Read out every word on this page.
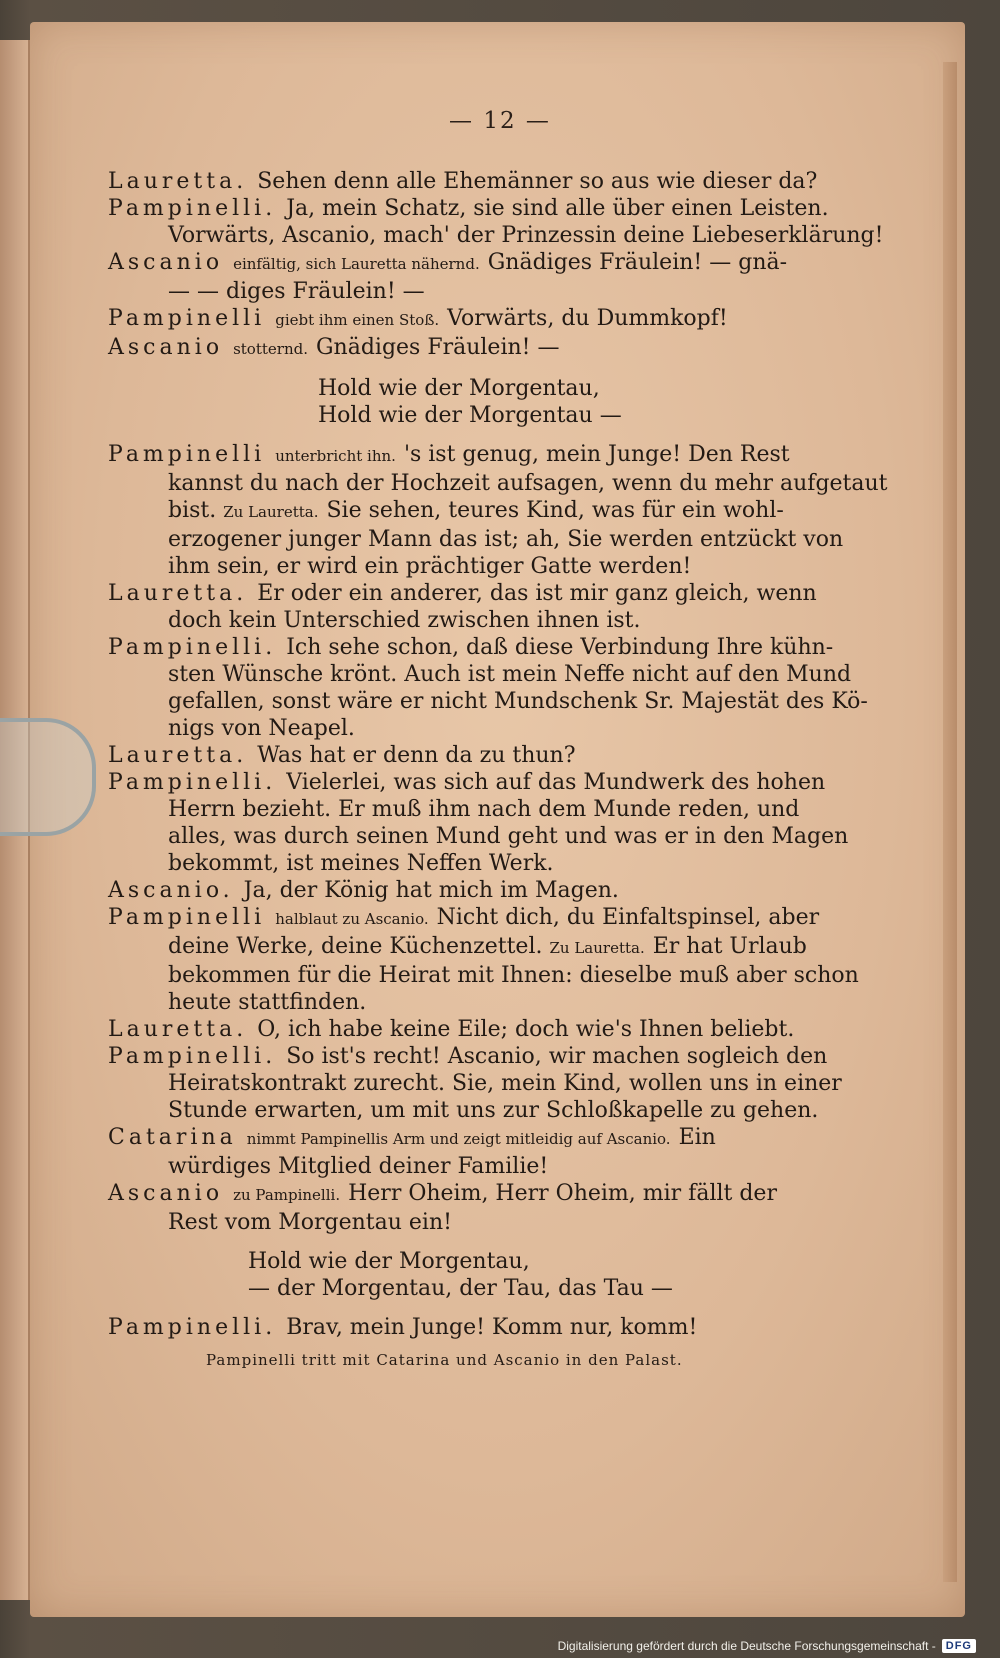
— 12 —
Lauretta. Sehen denn alle Ehemänner so aus wie dieser da?
Pampinelli. Ja, mein Schatz, sie sind alle über einen Leisten.
Vorwärts, Ascanio, mach' der Prinzessin deine Liebeserklärung!
Ascanio einfältig, sich Lauretta nähernd. Gnädiges Fräulein! — gnä-
— — diges Fräulein! —
Pampinelli giebt ihm einen Stoß. Vorwärts, du Dummkopf!
Ascanio stotternd. Gnädiges Fräulein! —
Hold wie der Morgentau,
Hold wie der Morgentau —
Pampinelli unterbricht ihn. 's ist genug, mein Junge! Den Rest
kannst du nach der Hochzeit aufsagen, wenn du mehr aufgetaut
bist. Zu Lauretta. Sie sehen, teures Kind, was für ein wohl-
erzogener junger Mann das ist; ah, Sie werden entzückt von
ihm sein, er wird ein prächtiger Gatte werden!
Lauretta. Er oder ein anderer, das ist mir ganz gleich, wenn
doch kein Unterschied zwischen ihnen ist.
Pampinelli. Ich sehe schon, daß diese Verbindung Ihre kühn-
sten Wünsche krönt. Auch ist mein Neffe nicht auf den Mund
gefallen, sonst wäre er nicht Mundschenk Sr. Majestät des Kö-
nigs von Neapel.
Lauretta. Was hat er denn da zu thun?
Pampinelli. Vielerlei, was sich auf das Mundwerk des hohen
Herrn bezieht. Er muß ihm nach dem Munde reden, und
alles, was durch seinen Mund geht und was er in den Magen
bekommt, ist meines Neffen Werk.
Ascanio. Ja, der König hat mich im Magen.
Pampinelli halblaut zu Ascanio. Nicht dich, du Einfaltspinsel, aber
deine Werke, deine Küchenzettel. Zu Lauretta. Er hat Urlaub
bekommen für die Heirat mit Ihnen: dieselbe muß aber schon
heute stattfinden.
Lauretta. O, ich habe keine Eile; doch wie's Ihnen beliebt.
Pampinelli. So ist's recht! Ascanio, wir machen sogleich den
Heiratskontrakt zurecht. Sie, mein Kind, wollen uns in einer
Stunde erwarten, um mit uns zur Schloßkapelle zu gehen.
Catarina nimmt Pampinellis Arm und zeigt mitleidig auf Ascanio. Ein
würdiges Mitglied deiner Familie!
Ascanio zu Pampinelli. Herr Oheim, Herr Oheim, mir fällt der
Rest vom Morgentau ein!
Hold wie der Morgentau,
— der Morgentau, der Tau, das Tau —
Pampinelli. Brav, mein Junge! Komm nur, komm!
Pampinelli tritt mit Catarina und Ascanio in den Palast.
Digitalisierung gefördert durch die Deutsche Forschungsgemeinschaft - DFG
